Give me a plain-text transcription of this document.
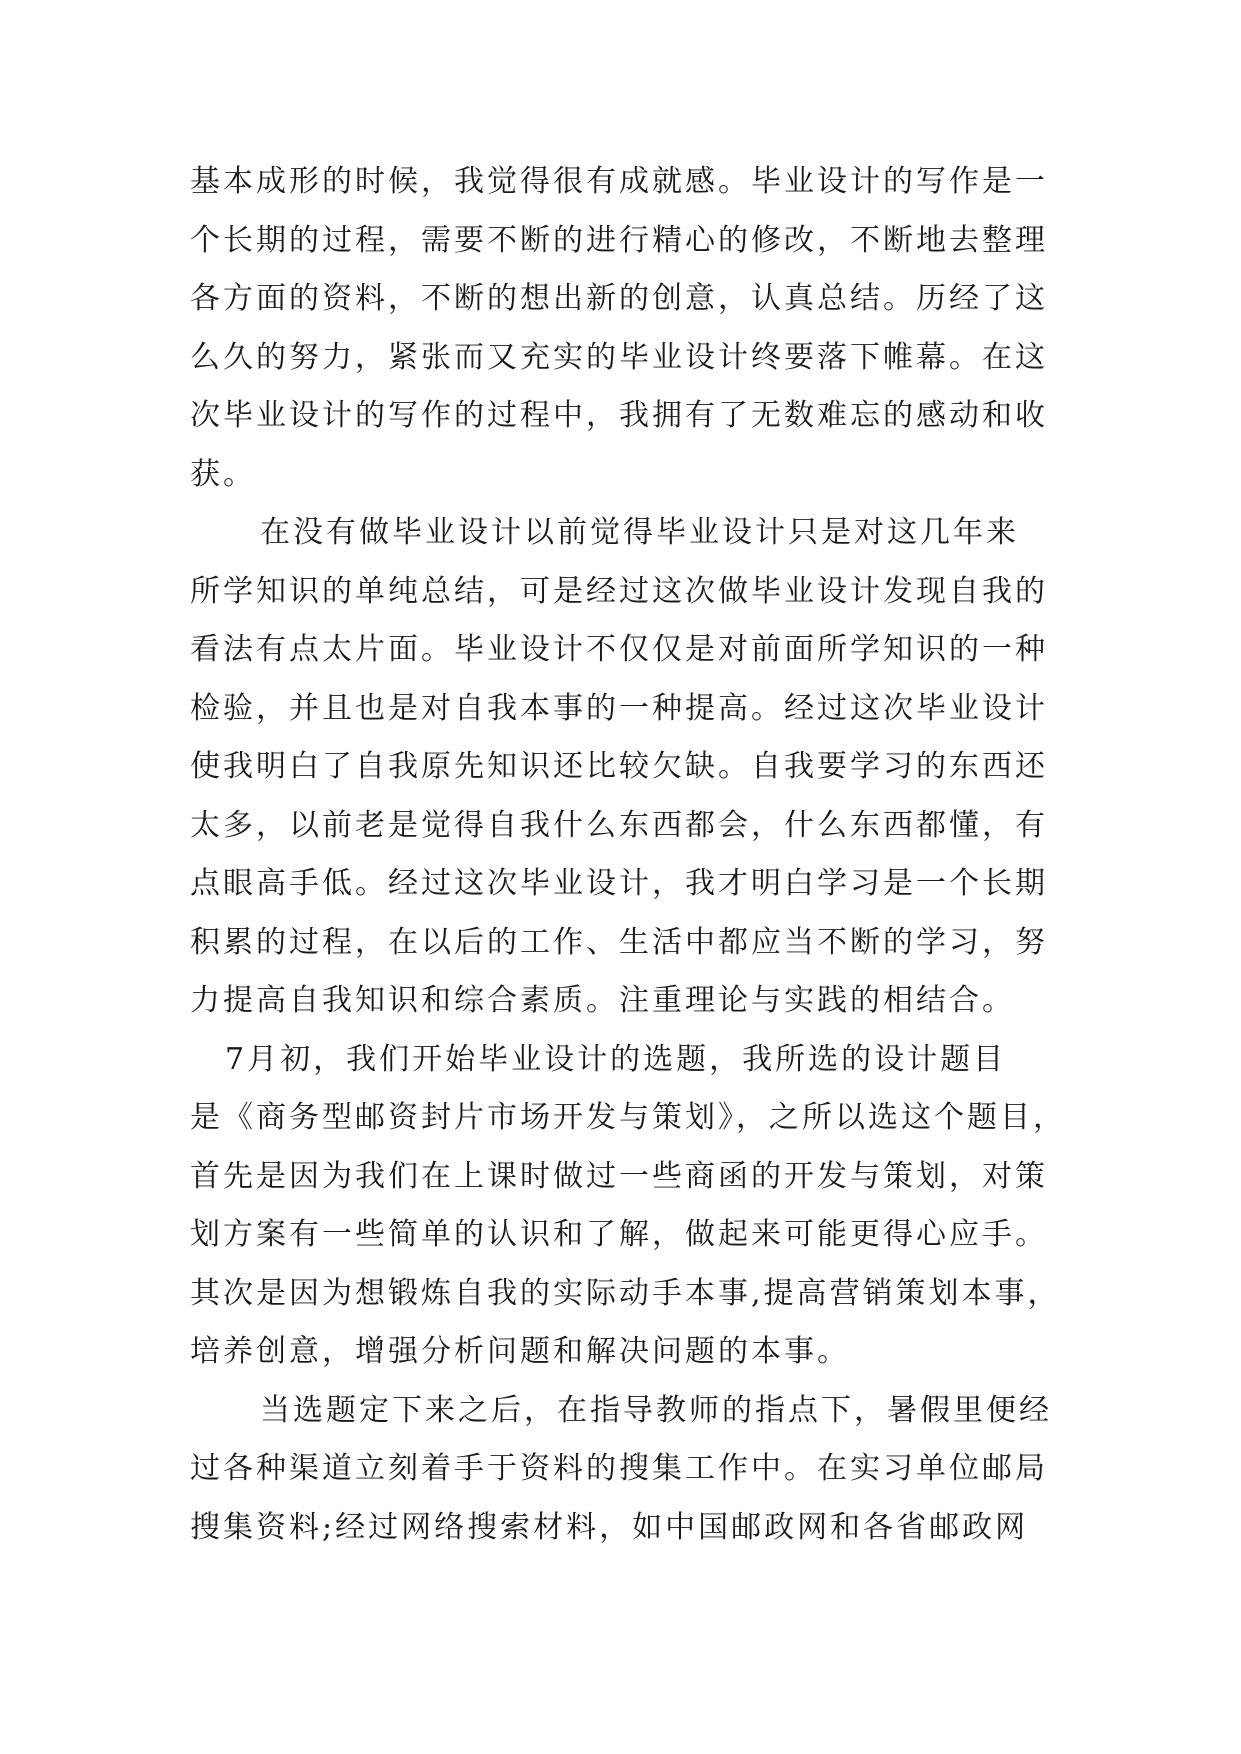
基本成形的时候，我觉得很有成就感。毕业设计的写作是一
个长期的过程，需要不断的进行精心的修改，不断地去整理
各方面的资料，不断的想出新的创意，认真总结。历经了这
么久的努力，紧张而又充实的毕业设计终要落下帷幕。在这
次毕业设计的写作的过程中，我拥有了无数难忘的感动和收
获。

在没有做毕业设计以前觉得毕业设计只是对这几年来
所学知识的单纯总结，可是经过这次做毕业设计发现自我的
看法有点太片面。毕业设计不仅仅是对前面所学知识的一种
检验，并且也是对自我本事的一种提高。经过这次毕业设计
使我明白了自我原先知识还比较欠缺。自我要学习的东西还
太多，以前老是觉得自我什么东西都会，什么东西都懂，有
点眼高手低。经过这次毕业设计，我才明白学习是一个长期
积累的过程，在以后的工作、生活中都应当不断的学习，努
力提高自我知识和综合素质。注重理论与实践的相结合。

7月初，我们开始毕业设计的选题，我所选的设计题目
是《商务型邮资封片市场开发与策划》，之所以选这个题目，
首先是因为我们在上课时做过一些商函的开发与策划，对策
划方案有一些简单的认识和了解，做起来可能更得心应手。
其次是因为想锻炼自我的实际动手本事,提高营销策划本事，
培养创意，增强分析问题和解决问题的本事。

当选题定下来之后，在指导教师的指点下，暑假里便经
过各种渠道立刻着手于资料的搜集工作中。在实习单位邮局
搜集资料;经过网络搜索材料，如中国邮政网和各省邮政网
